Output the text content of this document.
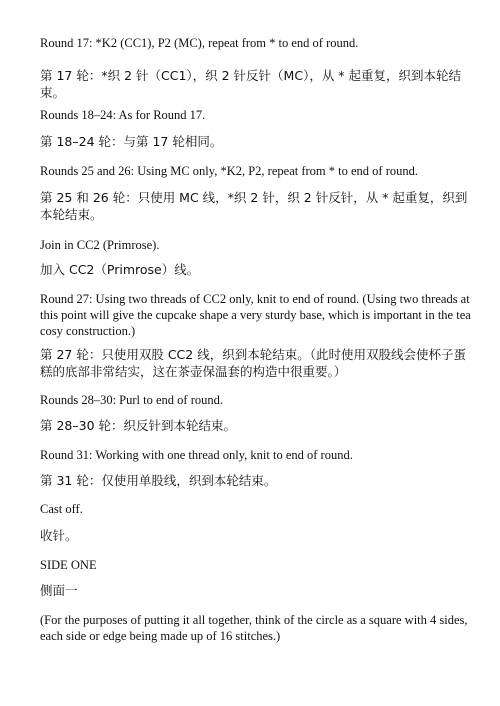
Round 17: *K2 (CC1), P2 (MC), repeat from * to end of round.

第 17 轮：*织 2 针（CC1），织 2 针反针（MC），从 * 起重复，织到本轮结束。

Rounds 18–24: As for Round 17.

第 18–24 轮：与第 17 轮相同。

Rounds 25 and 26: Using MC only, *K2, P2, repeat from * to end of round.

第 25 和 26 轮：只使用 MC 线，*织 2 针，织 2 针反针，从 * 起重复，织到本轮结束。

Join in CC2 (Primrose).

加入 CC2（Primrose）线。

Round 27: Using two threads of CC2 only, knit to end of round. (Using two threads at this point will give the cupcake shape a very sturdy base, which is important in the tea cosy construction.)

第 27 轮：只使用双股 CC2 线，织到本轮结束。（此时使用双股线会使杯子蛋糕的底部非常结实，这在茶壶保温套的构造中很重要。）

Rounds 28–30: Purl to end of round.

第 28–30 轮：织反针到本轮结束。

Round 31: Working with one thread only, knit to end of round.

第 31 轮：仅使用单股线，织到本轮结束。

Cast off.

收针。

SIDE ONE

侧面一

(For the purposes of putting it all together, think of the circle as a square with 4 sides, each side or edge being made up of 16 stitches.)
